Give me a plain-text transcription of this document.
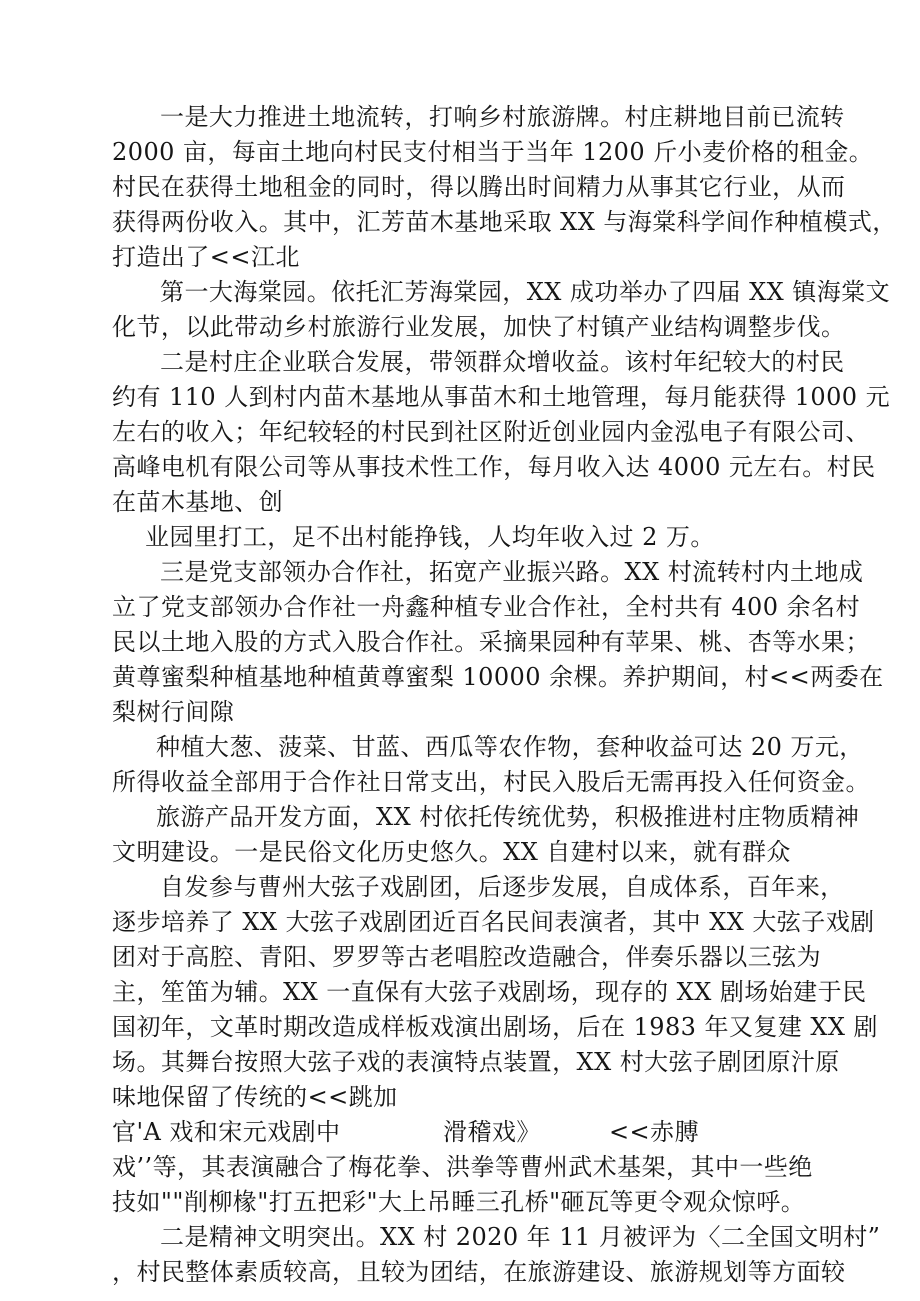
一是大力推进土地流转，打响乡村旅游牌。村庄耕地目前已流转
2000 亩，每亩土地向村民支付相当于当年 1200 斤小麦价格的租金。
村民在获得土地租金的同时，得以腾出时间精力从事其它行业，从而
获得两份收入。其中，汇芳苗木基地采取 XX 与海棠科学间作种植模式，
打造出了<<江北
第一大海棠园。依托汇芳海棠园，XX 成功举办了四届 XX 镇海棠文
化节，以此带动乡村旅游行业发展，加快了村镇产业结构调整步伐。
二是村庄企业联合发展，带领群众增收益。该村年纪较大的村民
约有 110 人到村内苗木基地从事苗木和土地管理，每月能获得 1000 元
左右的收入；年纪较轻的村民到社区附近创业园内金泓电子有限公司、
高峰电机有限公司等从事技术性工作，每月收入达 4000 元左右。村民
在苗木基地、创
业园里打工，足不出村能挣钱，人均年收入过 2 万。
三是党支部领办合作社，拓宽产业振兴路。XX 村流转村内土地成
立了党支部领办合作社一舟鑫种植专业合作社，全村共有 400 余名村
民以土地入股的方式入股合作社。采摘果园种有苹果、桃、杏等水果；
黄尊蜜梨种植基地种植黄尊蜜梨 10000 余棵。养护期间，村<<两委在
梨树行间隙
种植大葱、菠菜、甘蓝、西瓜等农作物，套种收益可达 20 万元，
所得收益全部用于合作社日常支出，村民入股后无需再投入任何资金。
旅游产品开发方面，XX 村依托传统优势，积极推进村庄物质精神
文明建设。一是民俗文化历史悠久。XX 自建村以来，就有群众
自发参与曹州大弦子戏剧团，后逐步发展，自成体系，百年来，
逐步培养了 XX 大弦子戏剧团近百名民间表演者，其中 XX 大弦子戏剧
团对于高腔、青阳、罗罗等古老唱腔改造融合，伴奏乐器以三弦为
主，笙笛为辅。XX 一直保有大弦子戏剧场，现存的 XX 剧场始建于民
国初年，文革时期改造成样板戏演出剧场，后在 1983 年又复建 XX 剧
场。其舞台按照大弦子戏的表演特点装置，XX 村大弦子剧团原汁原
味地保留了传统的<<跳加
官'A 戏和宋元戏剧中	滑稽戏》	<<赤膊
戏’’等，其表演融合了梅花拳、洪拳等曹州武术基架，其中一些绝
技如""削柳椽"打五把彩"大上吊睡三孔桥"砸瓦等更令观众惊呼。
二是精神文明突出。XX 村 2020 年 11 月被评为〈二全国文明村”
，村民整体素质较高，且较为团结，在旅游建设、旅游规划等方面较
